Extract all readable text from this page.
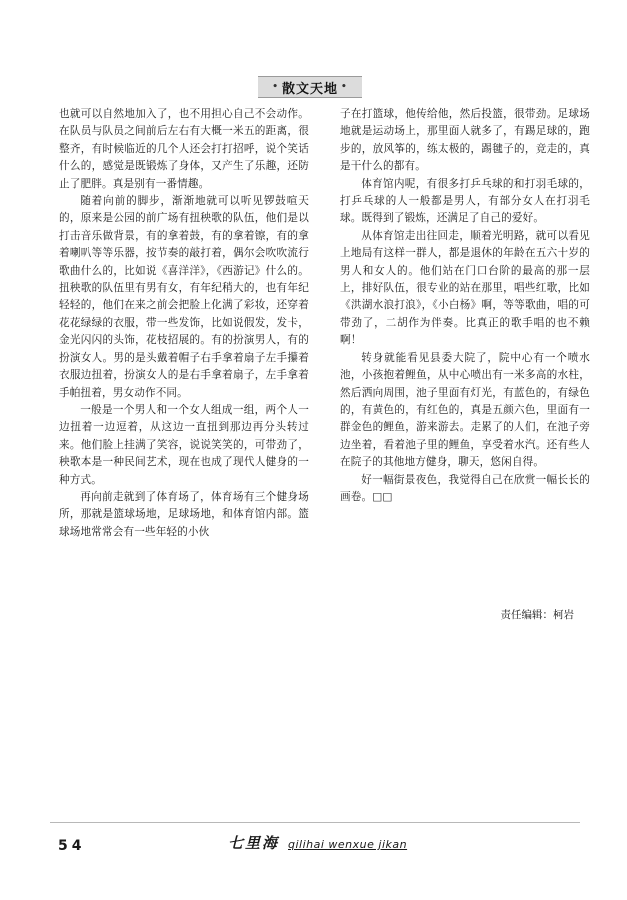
• 散文天地 •

也就可以自然地加入了，也不用担心自己不会动作。在队员与队员之间前后左右有大概一米五的距离，很整齐，有时候临近的几个人还会打打招呼，说个笑话什么的，感觉是既锻炼了身体，又产生了乐趣，还防止了肥胖。真是别有一番情趣。

随着向前的脚步，渐渐地就可以听见锣鼓喧天的，原来是公园的前广场有扭秧歌的队伍，他们是以打击音乐做背景，有的拿着鼓，有的拿着镲，有的拿着喇叭等等乐器，按节奏的敲打着，偶尔会吹吹流行歌曲什么的，比如说《喜洋洋》，《西游记》什么的。扭秧歌的队伍里有男有女，有年纪稍大的，也有年纪轻轻的，他们在来之前会把脸上化满了彩妆，还穿着花花绿绿的衣服，带一些发饰，比如说假发，发卡，金光闪闪的头饰，花枝招展的。有的扮演男人，有的扮演女人。男的是头戴着帽子右手拿着扇子左手攥着衣服边扭着，扮演女人的是右手拿着扇子，左手拿着手帕扭着，男女动作不同。

一般是一个男人和一个女人组成一组，两个人一边扭着一边逗着，从这边一直扭到那边再分头转过来。他们脸上挂满了笑容，说说笑笑的，可带劲了，秧歌本是一种民间艺术，现在也成了现代人健身的一种方式。

再向前走就到了体育场了，体育场有三个健身场所，那就是篮球场地，足球场地，和体育馆内部。篮球场地常常会有一些年轻的小伙

子在打篮球，他传给他，然后投篮，很带劲。足球场地就是运动场上，那里面人就多了，有踢足球的，跑步的，放风筝的，练太极的，踢毽子的，竞走的，真是干什么的都有。

体育馆内呢，有很多打乒乓球的和打羽毛球的，打乒乓球的人一般都是男人，有部分女人在打羽毛球。既得到了锻炼，还满足了自己的爱好。

从体育馆走出往回走，顺着光明路，就可以看见上地局有这样一群人，都是退休的年龄在五六十岁的男人和女人的。他们站在门口台阶的最高的那一层上，排好队伍，很专业的站在那里，唱些红歌，比如《洪湖水浪打浪》，《小白杨》啊，等等歌曲，唱的可带劲了，二胡作为伴奏。比真正的歌手唱的也不赖啊！

转身就能看见县委大院了，院中心有一个喷水池，小孩抱着鲤鱼，从中心喷出有一米多高的水柱，然后洒向周围，池子里面有灯光，有蓝色的，有绿色的，有黄色的，有红色的，真是五颜六色，里面有一群金色的鲤鱼，游来游去。走累了的人们，在池子旁边坐着，看着池子里的鲤鱼，享受着水汽。还有些人在院子的其他地方健身，聊天，悠闲自得。

好一幅街景夜色，我觉得自己在欣赏一幅长长的画卷。□□

责任编辑：柯岩
54	七里海 qilihai wenxue jikan
